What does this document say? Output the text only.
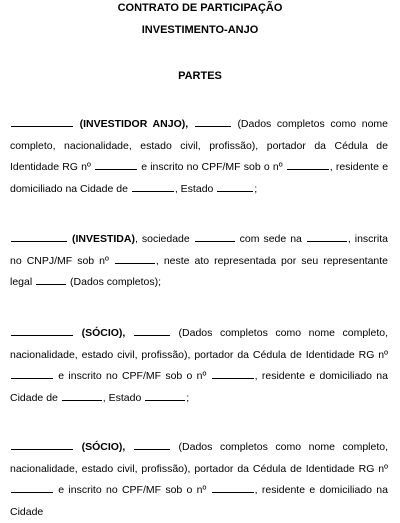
CONTRATO DE PARTICIPAÇÃO
INVESTIMENTO-ANJO
PARTES
(INVESTIDOR ANJO),	(Dados completos como nome completo, nacionalidade, estado civil, profissão), portador da Cédula de Identidade RG nº	e inscrito no CPF/MF sob o nº	, residente e domiciliado na Cidade de	, Estado	;
(INVESTIDA), sociedade	com sede na	, inscrita no CNPJ/MF sob nº	, neste ato representada por seu representante legal	(Dados completos);
(SÓCIO),	(Dados completos como nome completo, nacionalidade, estado civil, profissão), portador da Cédula de Identidade RG nº  e inscrito no CPF/MF sob o nº	, residente e domiciliado na Cidade de	, Estado	;
(SÓCIO),	(Dados completos como nome completo, nacionalidade, estado civil, profissão), portador da Cédula de Identidade RG nº  e inscrito no CPF/MF sob o nº	, residente e domiciliado na Cidade
